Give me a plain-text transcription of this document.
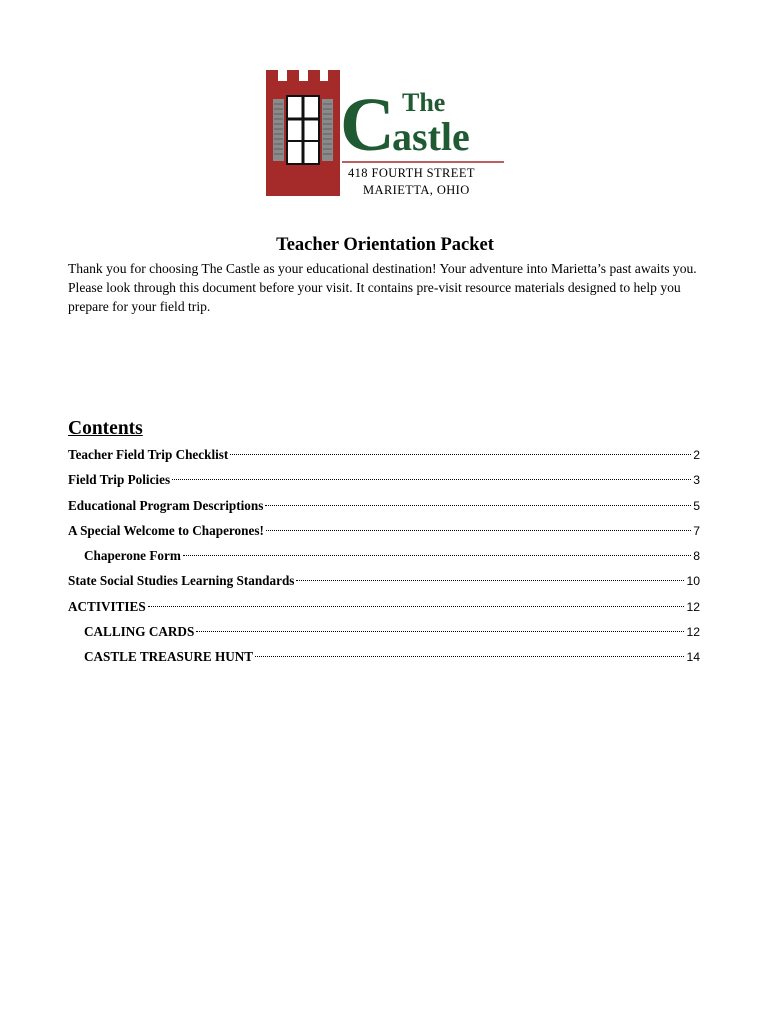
C The
astle
418 FOURTH STREET
MARIETTA, OHIO
Teacher Orientation Packet

Thank you for choosing The Castle as your educational destination! Your adventure into Marietta’s past awaits you. Please look through this document before your visit. It contains pre-visit resource materials designed to help you prepare for your field trip.

Contents
Teacher Field Trip Checklist	2
Field Trip Policies	3
Educational Program Descriptions	5
A Special Welcome to Chaperones!	7
Chaperone Form	8
State Social Studies Learning Standards	10
ACTIVITIES	12
CALLING CARDS	12
CASTLE TREASURE HUNT	14
